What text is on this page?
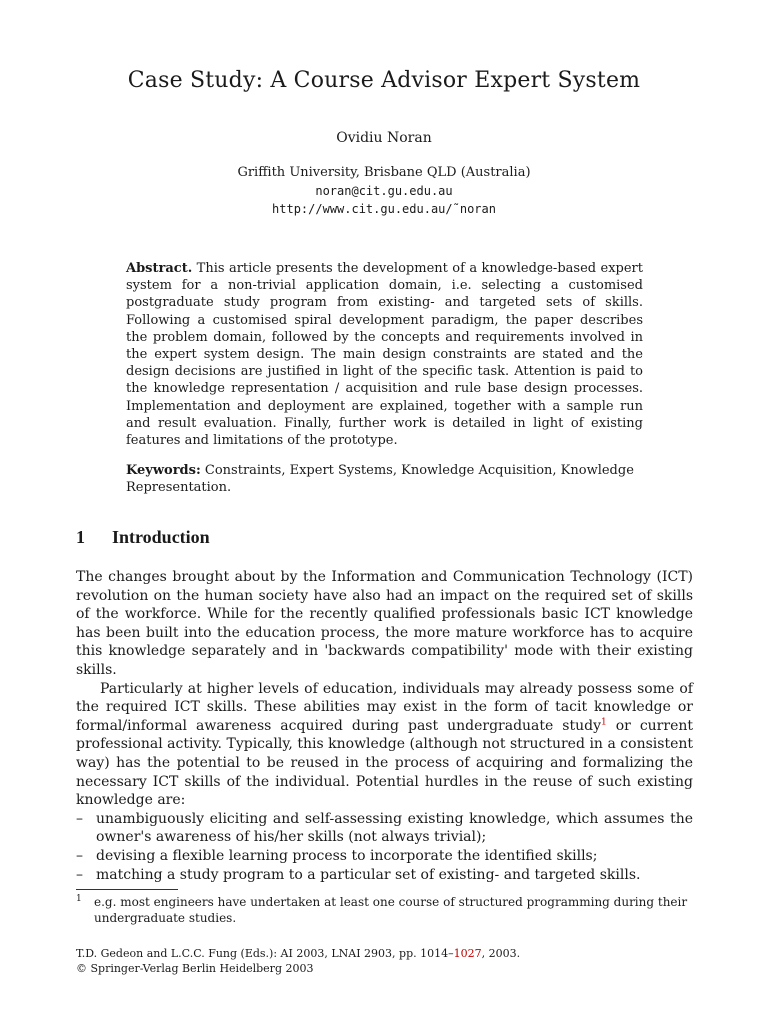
Case Study: A Course Advisor Expert System
Ovidiu Noran
Griffith University, Brisbane QLD (Australia)
noran@cit.gu.edu.au
http://www.cit.gu.edu.au/˜noran
Abstract. This article presents the development of a knowledge-based expert system for a non-trivial application domain, i.e. selecting a customised postgraduate study program from existing- and targeted sets of skills. Following a customised spiral development paradigm, the paper describes the problem domain, followed by the concepts and requirements involved in the expert system design. The main design constraints are stated and the design decisions are justified in light of the specific task. Attention is paid to the knowledge representation / acquisition and rule base design processes. Implementation and deployment are explained, together with a sample run and result evaluation. Finally, further work is detailed in light of existing features and limitations of the prototype.
Keywords: Constraints, Expert Systems, Knowledge Acquisition, Knowledge Representation.
1 Introduction

The changes brought about by the Information and Communication Technology (ICT) revolution on the human society have also had an impact on the required set of skills of the workforce. While for the recently qualified professionals basic ICT knowledge has been built into the education process, the more mature workforce has to acquire this knowledge separately and in 'backwards compatibility' mode with their existing skills.

Particularly at higher levels of education, individuals may already possess some of the required ICT skills. These abilities may exist in the form of tacit knowledge or formal/informal awareness acquired during past undergraduate study$^1$ or current professional activity. Typically, this knowledge (although not structured in a consistent way) has the potential to be reused in the process of acquiring and formalizing the necessary ICT skills of the individual. Potential hurdles in the reuse of such existing knowledge are:

– unambiguously eliciting and self-assessing existing knowledge, which assumes the owner's awareness of his/her skills (not always trivial);
– devising a flexible learning process to incorporate the identified skills;
– matching a study program to a particular set of existing- and targeted skills.
1	e.g. most engineers have undertaken at least one course of structured programming during their undergraduate studies.
T.D. Gedeon and L.C.C. Fung (Eds.): AI 2003, LNAI 2903, pp. 1014–1027, 2003.
© Springer-Verlag Berlin Heidelberg 2003
